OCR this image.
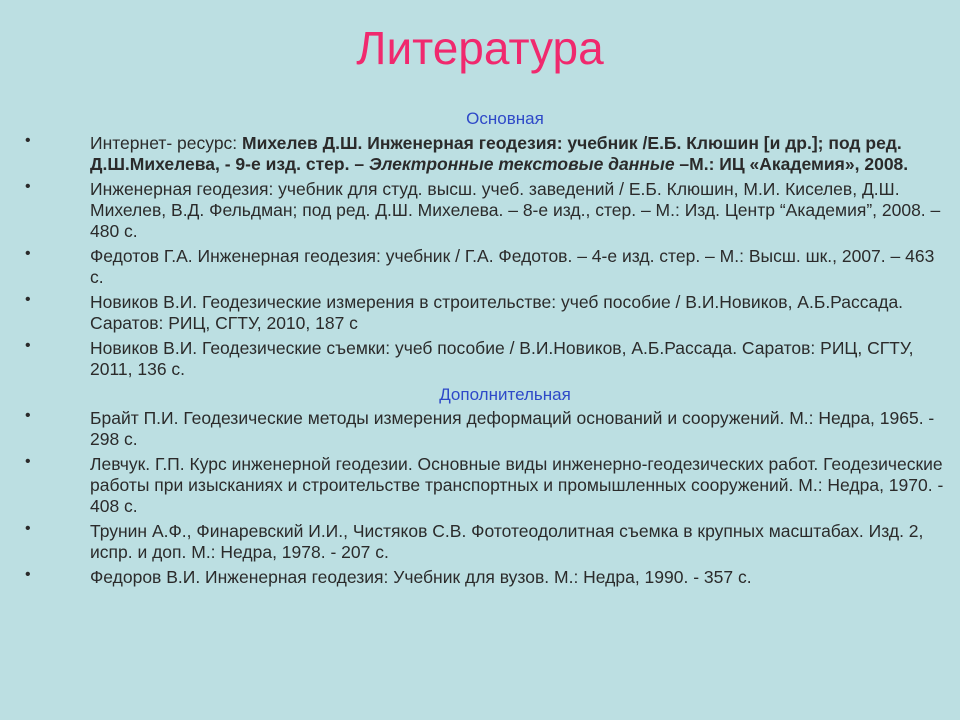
Литература
Основная
•	Интернет- ресурс: Михелев Д.Ш. Инженерная геодезия: учебник /Е.Б. Клюшин [и др.]; под ред. Д.Ш.Михелева, - 9-е изд. стер. – Электронные текстовые данные –М.: ИЦ «Академия», 2008.
•	Инженерная геодезия: учебник для студ. высш. учеб. заведений / Е.Б. Клюшин, М.И. Киселев, Д.Ш. Михелев, В.Д. Фельдман; под ред. Д.Ш. Михелева. – 8-е изд., стер. – М.: Изд. Центр “Академия”, 2008. – 480 с.
•	Федотов Г.А. Инженерная геодезия: учебник / Г.А. Федотов. – 4-е изд. стер. – М.: Высш. шк., 2007. – 463 с.
•	Новиков В.И. Геодезические измерения в строительстве: учеб пособие / В.И.Новиков, А.Б.Рассада. Саратов: РИЦ, СГТУ, 2010, 187 с
•	Новиков В.И. Геодезические съемки: учеб пособие / В.И.Новиков, А.Б.Рассада. Саратов: РИЦ, СГТУ, 2011, 136 с.
Дополнительная
•	Брайт П.И. Геодезические методы измерения деформаций оснований и сооружений. М.: Недра, 1965. - 298 с.
•	Левчук. Г.П. Курс инженерной геодезии. Основные виды инженерно-геодезических работ. Геодезические работы при изысканиях и строительстве транспортных и промышленных сооружений. М.: Недра, 1970. - 408 с.
•	Трунин А.Ф., Финаревский И.И., Чистяков С.В. Фототеодолитная съемка в крупных масштабах. Изд. 2, испр. и доп. М.: Недра, 1978. - 207 с.
•	Федоров В.И. Инженерная геодезия: Учебник для вузов. М.: Недра, 1990. - 357 с.
